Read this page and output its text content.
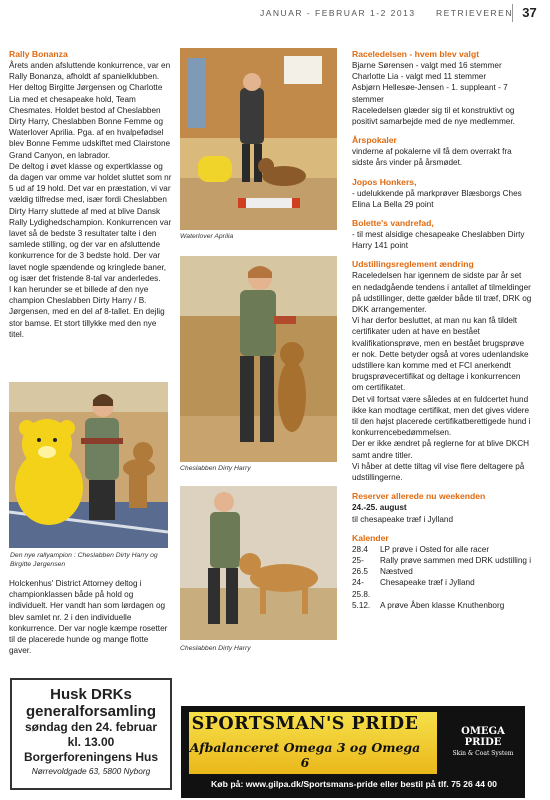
JANUAR - FEBRUAR 1-2 2013 RETRIEVEREN 37
Rally Bonanza

Årets anden afsluttende konkurrence, var en Rally Bonanza, afholdt af spanielklubben.

Her deltog Birgitte Jørgensen og Charlotte Lia med et chesapeake hold, Team Chesmates. Holdet bestod af Cheslabben Dirty Harry, Cheslabben Bonne Femme og Waterlover Aprilia. Pga. af en hvalpefødsel blev Bonne Femme udskiftet med Clairstone Grand Canyon, en labrador.

De deltog i øvet klasse og expertklasse og da dagen var omme var holdet sluttet som nr 5 ud af 19 hold. Det var en præstation, vi var vældig tilfredse med, især fordi Cheslabben Dirty Harry sluttede af med at blive Dansk Rally Lydighedschampion. Konkurrencen var lavet så de bedste 3 resultater talte i den samlede stilling, og der var en afsluttende konkurrence for de 3 bedste hold. Der var lavet nogle spændende og kringlede baner, og især det fristende 8-tal var anderledes.

I kan herunder se et billede af den nye champion Cheslabben Dirty Harry / B. Jørgensen, med en del af 8-tallet. En dejlig stor bamse. Et stort tillykke med den nye titel.

Den nye rallyampion : Cheslabben Dirty Harry og Birgitte Jørgensen

Holckenhus' District Attorney deltog i championklassen både på hold og individuelt. Her vandt han som lørdagen og blev samlet nr. 2 i den individuelle konkurrence. Der var nogle kæmpe rosetter til de placerede hunde og mange flotte gaver.

Husk DRKs
generalforsamling
søndag den 24. februar
kl. 13.00
Borgerforeningens Hus
Nørrevoldgade 63, 5800 Nyborg
Waterlover Aprilia
Cheslabben Dirty Harry
Cheslabben Dirty Harry
Raceledelsen - hvem blev valgt

Bjarne Sørensen - valgt med 16 stemmer

Charlotte Lia - valgt med 11 stemmer

Asbjørn Hellesøe-Jensen - 1. suppleant - 7 stemmer

Raceledelsen glæder sig til et konstruktivt og positivt samarbejde med de nye medlemmer.

Årspokaler

vinderne af pokalerne vil få dem overrakt fra sidste års vinder på årsmødet.

Jopos Honkers,

- udelukkende på markprøver Blæsborgs Ches Elina La Bella 29 point

Bolette's vandrefad,

- til mest alsidige chesapeake Cheslabben Dirty Harry 141 point

Udstillingsreglement ændring

Raceledelsen har igennem de sidste par år set en nedadgående tendens i antallet af tilmeldinger på udstillinger, dette gælder både til træf, DRK og DKK arrangementer.

Vi har derfor besluttet, at man nu kan få tildelt certifikater uden at have en bestået kvalifikationsprøve, men en bestået brugsprøve er nok. Dette betyder også at vores udenlandske udstillere kan komme med et FCI anerkendt brugsprøvecertifikat og deltage i konkurrencen om certifikatet.

Det vil fortsat være således at en fuldcertet hund ikke kan modtage certifikat, men det gives videre til den højst placerede certifikatberettigede hund i konkurrencebedømmelsen.

Der er ikke ændret på reglerne for at blive DKCH samt andre titler.

Vi håber at dette tiltag vil vise flere deltagere på udstillingerne.

Reserver allerede nu weekenden

24.-25. august

til chesapeake træf i Jylland

Kalender
28.4	LP prøve i Osted for alle racer
25-26.5
Rally prøve sammen med DRK udstilling i Næstved
24-25.8.
Chesapeake træf i Jylland
5.12.	A prøve Åben klasse Knuthenborg
SPORTSMAN'S PRIDE
Afbalanceret Omega 3 og Omega 6
OMEGA
PRIDE
Skin & Coat System
Køb på: www.gilpa.dk/Sportsmans-pride eller bestil på tlf. 75 26 44 00
